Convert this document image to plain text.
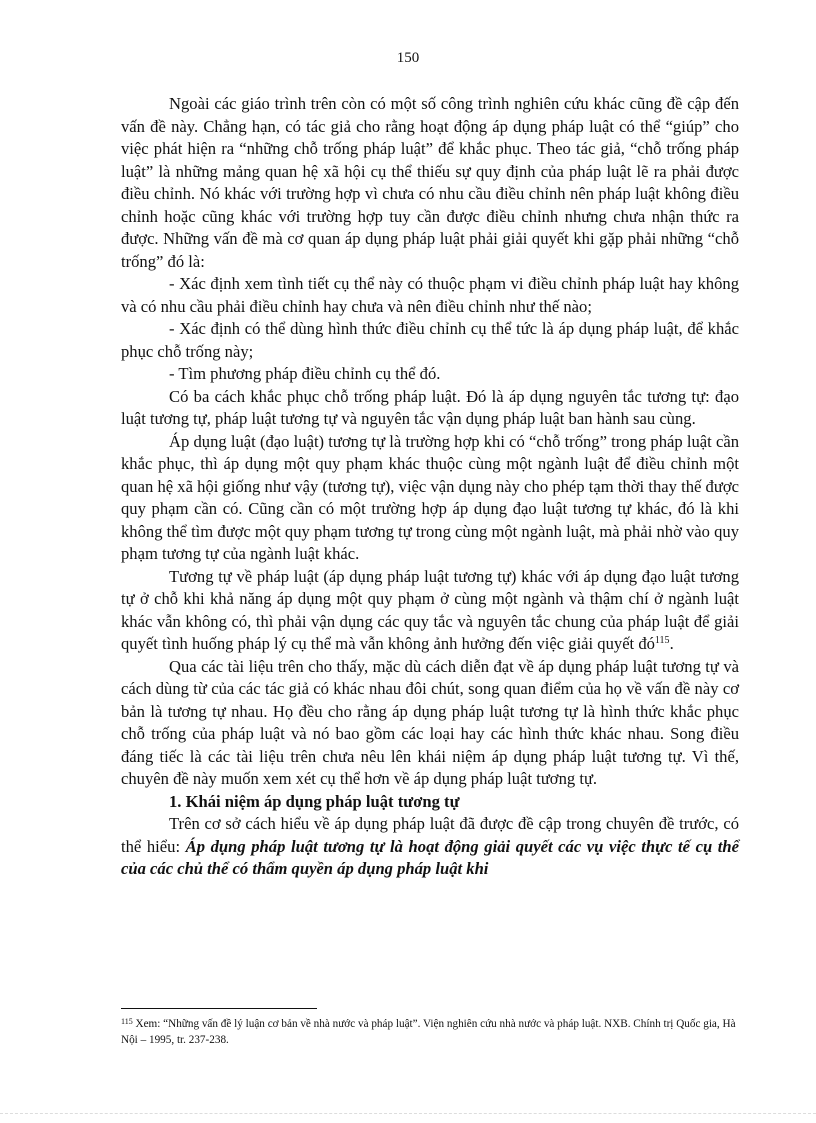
150

Ngoài các giáo trình trên còn có một số công trình nghiên cứu khác cũng đề cập đến vấn đề này. Chẳng hạn, có tác giả cho rằng hoạt động áp dụng pháp luật có thể “giúp” cho việc phát hiện ra “những chỗ trống pháp luật” để khắc phục. Theo tác giả, “chỗ trống pháp luật” là những mảng quan hệ xã hội cụ thể thiếu sự quy định của pháp luật lẽ ra phải được điều chỉnh. Nó khác với trường hợp vì chưa có nhu cầu điều chỉnh nên pháp luật không điều chỉnh hoặc cũng khác với trường hợp tuy cần được điều chỉnh nhưng chưa nhận thức ra được. Những vấn đề mà cơ quan áp dụng pháp luật phải giải quyết khi gặp phải những “chỗ trống” đó là:

- Xác định xem tình tiết cụ thể này có thuộc phạm vi điều chỉnh pháp luật hay không và có nhu cầu phải điều chỉnh hay chưa và nên điều chỉnh như thế nào;

- Xác định có thể dùng hình thức điều chỉnh cụ thể tức là áp dụng pháp luật, để khắc phục chỗ trống này;

- Tìm phương pháp điều chỉnh cụ thể đó.

Có ba cách khắc phục chỗ trống pháp luật. Đó là áp dụng nguyên tắc tương tự: đạo luật tương tự, pháp luật tương tự và nguyên tắc vận dụng pháp luật ban hành sau cùng.

Áp dụng luật (đạo luật) tương tự là trường hợp khi có “chỗ trống” trong pháp luật cần khắc phục, thì áp dụng một quy phạm khác thuộc cùng một ngành luật để điều chỉnh một quan hệ xã hội giống như vậy (tương tự), việc vận dụng này cho phép tạm thời thay thế được quy phạm cần có. Cũng cần có một trường hợp áp dụng đạo luật tương tự khác, đó là khi không thể tìm được một quy phạm tương tự trong cùng một ngành luật, mà phải nhờ vào quy phạm tương tự của ngành luật khác.

Tương tự về pháp luật (áp dụng pháp luật tương tự) khác với áp dụng đạo luật tương tự ở chỗ khi khả năng áp dụng một quy phạm ở cùng một ngành và thậm chí ở ngành luật khác vẫn không có, thì phải vận dụng các quy tắc và nguyên tắc chung của pháp luật để giải quyết tình huống pháp lý cụ thể mà vẫn không ảnh hưởng đến việc giải quyết $đó^{115}$.

Qua các tài liệu trên cho thấy, mặc dù cách diễn đạt về áp dụng pháp luật tương tự và cách dùng từ của các tác giả có khác nhau đôi chút, song quan điểm của họ về vấn đề này cơ bản là tương tự nhau. Họ đều cho rằng áp dụng pháp luật tương tự là hình thức khắc phục chỗ trống của pháp luật và nó bao gồm các loại hay các hình thức khác nhau. Song điều đáng tiếc là các tài liệu trên chưa nêu lên khái niệm áp dụng pháp luật tương tự. Vì thế, chuyên đề này muốn xem xét cụ thể hơn về áp dụng pháp luật tương tự.

1. Khái niệm áp dụng pháp luật tương tự

Trên cơ sở cách hiểu về áp dụng pháp luật đã được đề cập trong chuyên đề trước, có thể hiểu: Áp dụng pháp luật tương tự là hoạt động giải quyết các vụ việc thực tế cụ thể của các chủ thể có thẩm quyền áp dụng pháp luật khi

$^{115}$ Xem: “Những vấn đề lý luận cơ bản về nhà nước và pháp luật”. Viện nghiên cứu nhà nước và pháp luật. NXB. Chính trị Quốc gia, Hà Nội – 1995, tr. 237-238.
